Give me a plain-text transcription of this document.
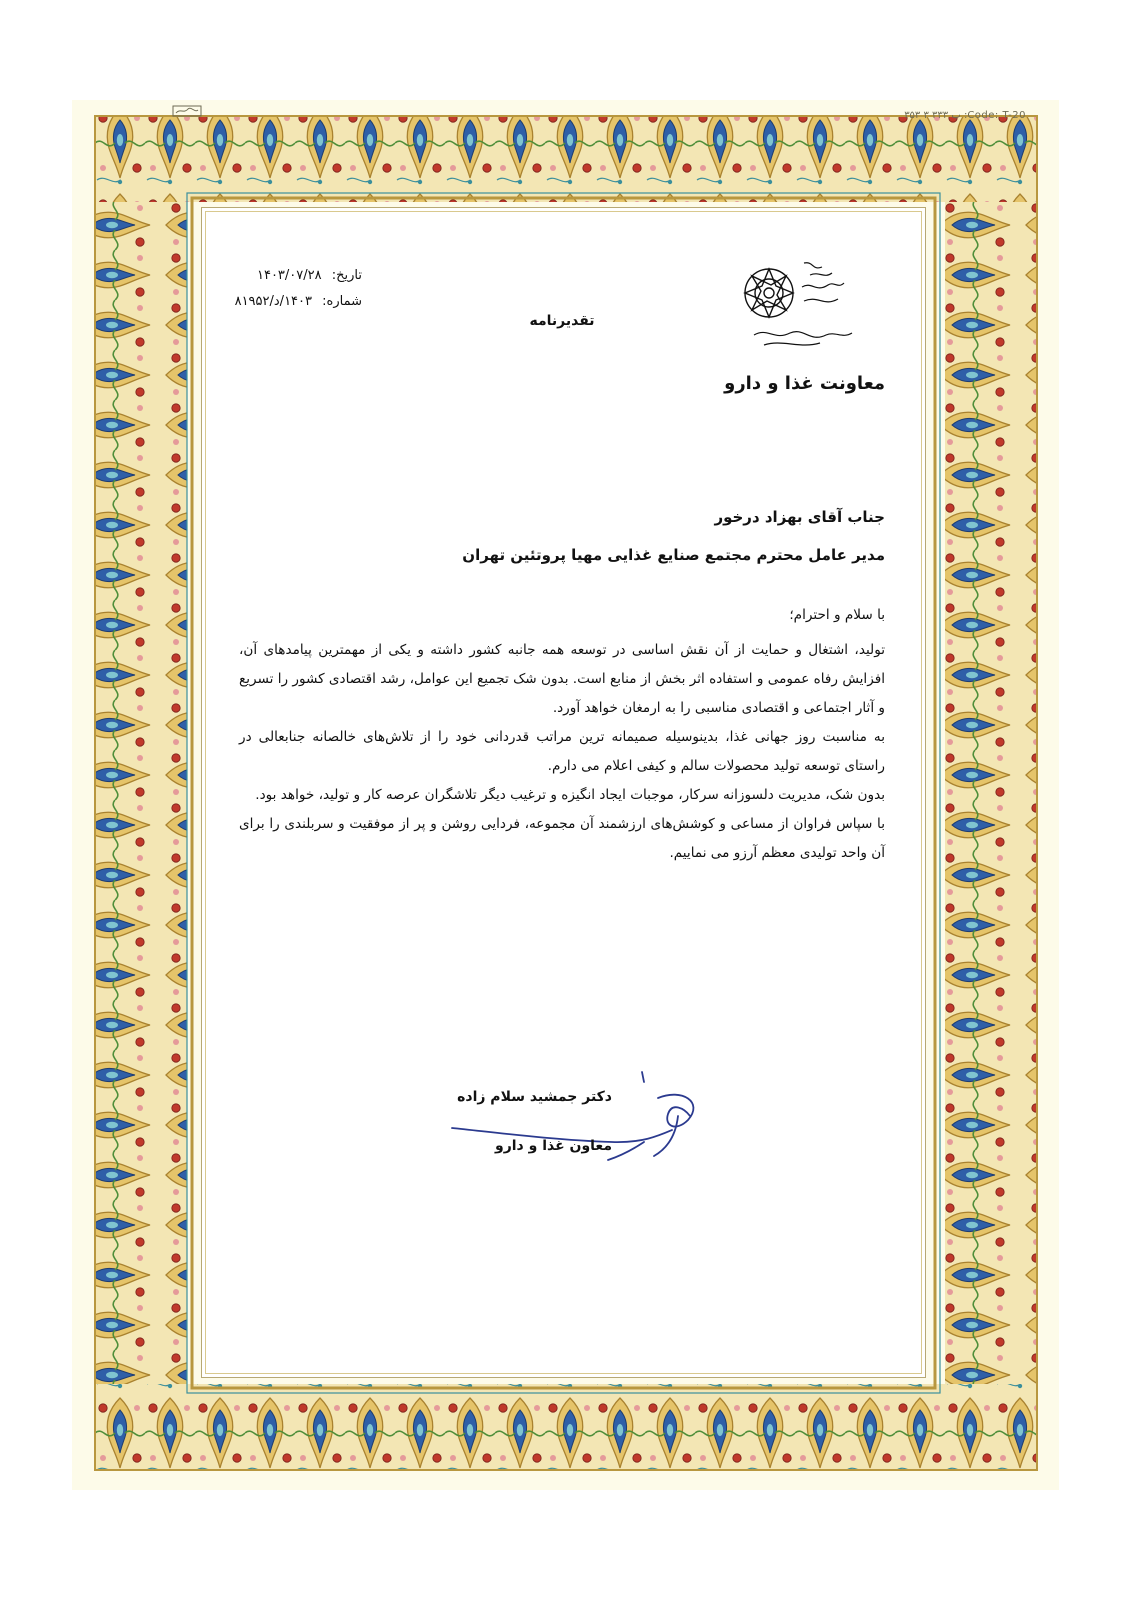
۳۵۳ پ ۳۳۳ ۳ :Code: T-20
معاونت غذا و دارو
تاریخ: ۱۴۰۳/۰۷/۲۸
شماره: ۱۴۰۳/د/۸۱۹۵۲
تقدیرنامه
جناب آقای بهزاد درخور
مدیر عامل محترم مجتمع صنایع غذایی مهیا پروتئین تهران

با سلام و احترام؛

تولید، اشتغال و حمایت از آن نقش اساسی در توسعه همه جانبه کشور داشته و یکی از مهمترین پیامدهای آن، افزایش رفاه عمومی و استفاده اثر بخش از منابع است. بدون شک تجمیع این عوامل، رشد اقتصادی کشور را تسریع و آثار اجتماعی و اقتصادی مناسبی را به ارمغان خواهد آورد.

به مناسبت روز جهانی غذا، بدینوسیله صمیمانه ترین مراتب قدردانی خود را از تلاش‌های خالصانه جنابعالی در راستای توسعه تولید محصولات سالم و کیفی اعلام می دارم.

بدون شک، مدیریت دلسوزانه سرکار، موجبات ایجاد انگیزه و ترغیب دیگر تلاشگران عرصه کار و تولید، خواهد بود.

با سپاس فراوان از مساعی و کوشش‌های ارزشمند آن مجموعه، فردایی روشن و پر از موفقیت و سربلندی را برای آن واحد تولیدی معظم آرزو می نماییم.

دکتر جمشید سلام زاده
معاون غذا و دارو
